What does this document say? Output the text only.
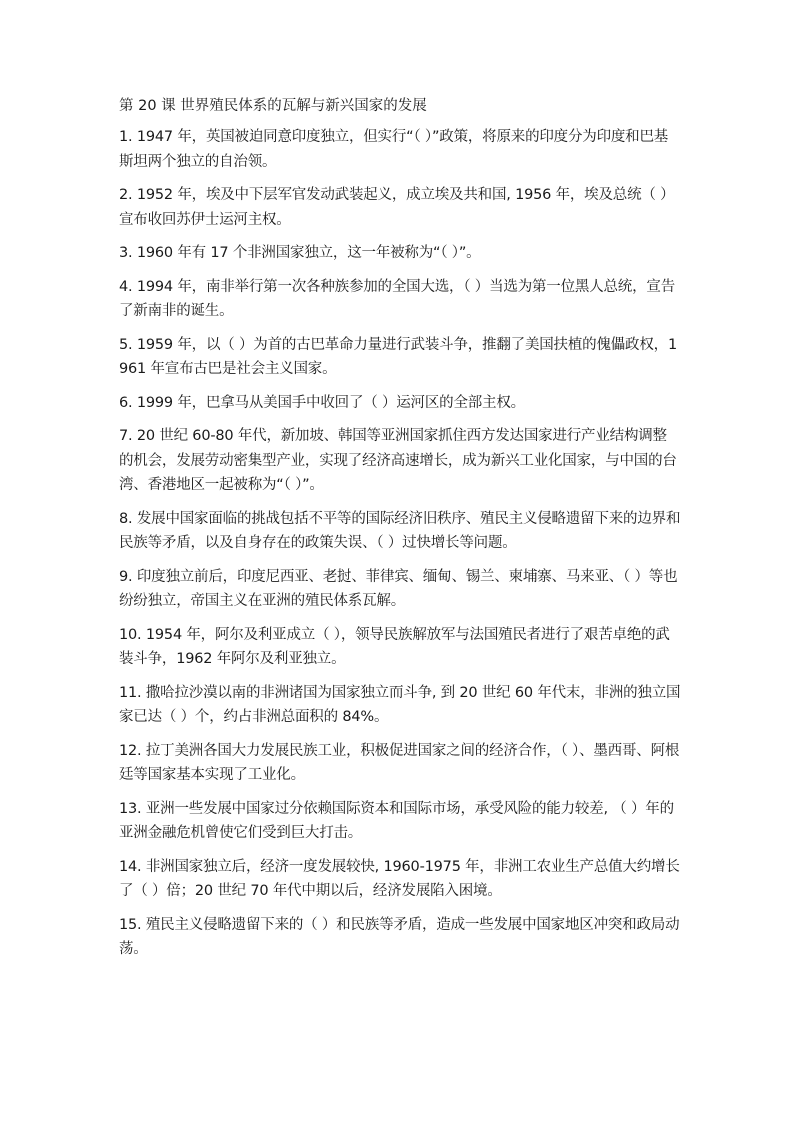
第 20 课 世界殖民体系的瓦解与新兴国家的发展
1. 1947 年，英国被迫同意印度独立，但实行“（ ）”政策，将原来的印度分为印度和巴基斯坦两个独立的自治领。
2. 1952 年，埃及中下层军官发动武装起义，成立埃及共和国, 1956 年，埃及总统（ ）宣布收回苏伊士运河主权。
3. 1960 年有 17 个非洲国家独立，这一年被称为“（ ）”。
4. 1994 年，南非举行第一次各种族参加的全国大选，（ ）当选为第一位黑人总统，宣告了新南非的诞生。
5. 1959 年，以（ ）为首的古巴革命力量进行武装斗争，推翻了美国扶植的傀儡政权，1961 年宣布古巴是社会主义国家。
6. 1999 年，巴拿马从美国手中收回了（ ）运河区的全部主权。
7. 20 世纪 60-80 年代，新加坡、韩国等亚洲国家抓住西方发达国家进行产业结构调整的机会，发展劳动密集型产业，实现了经济高速增长，成为新兴工业化国家，与中国的台湾、香港地区一起被称为“（ ）”。
8. 发展中国家面临的挑战包括不平等的国际经济旧秩序、殖民主义侵略遗留下来的边界和民族等矛盾，以及自身存在的政策失误、（ ）过快增长等问题。
9. 印度独立前后，印度尼西亚、老挝、菲律宾、缅甸、锡兰、柬埔寨、马来亚、（ ）等也纷纷独立，帝国主义在亚洲的殖民体系瓦解。
10. 1954 年，阿尔及利亚成立（ ），领导民族解放军与法国殖民者进行了艰苦卓绝的武装斗争，1962 年阿尔及利亚独立。
11. 撒哈拉沙漠以南的非洲诸国为国家独立而斗争, 到 20 世纪 60 年代末，非洲的独立国家已达（ ）个，约占非洲总面积的 84%。
12. 拉丁美洲各国大力发展民族工业，积极促进国家之间的经济合作，（ ）、墨西哥、阿根廷等国家基本实现了工业化。
13. 亚洲一些发展中国家过分依赖国际资本和国际市场，承受风险的能力较差, （ ）年的亚洲金融危机曾使它们受到巨大打击。
14. 非洲国家独立后，经济一度发展较快, 1960-1975 年，非洲工农业生产总值大约增长了（ ）倍；20 世纪 70 年代中期以后，经济发展陷入困境。
15. 殖民主义侵略遗留下来的（ ）和民族等矛盾，造成一些发展中国家地区冲突和政局动荡。
